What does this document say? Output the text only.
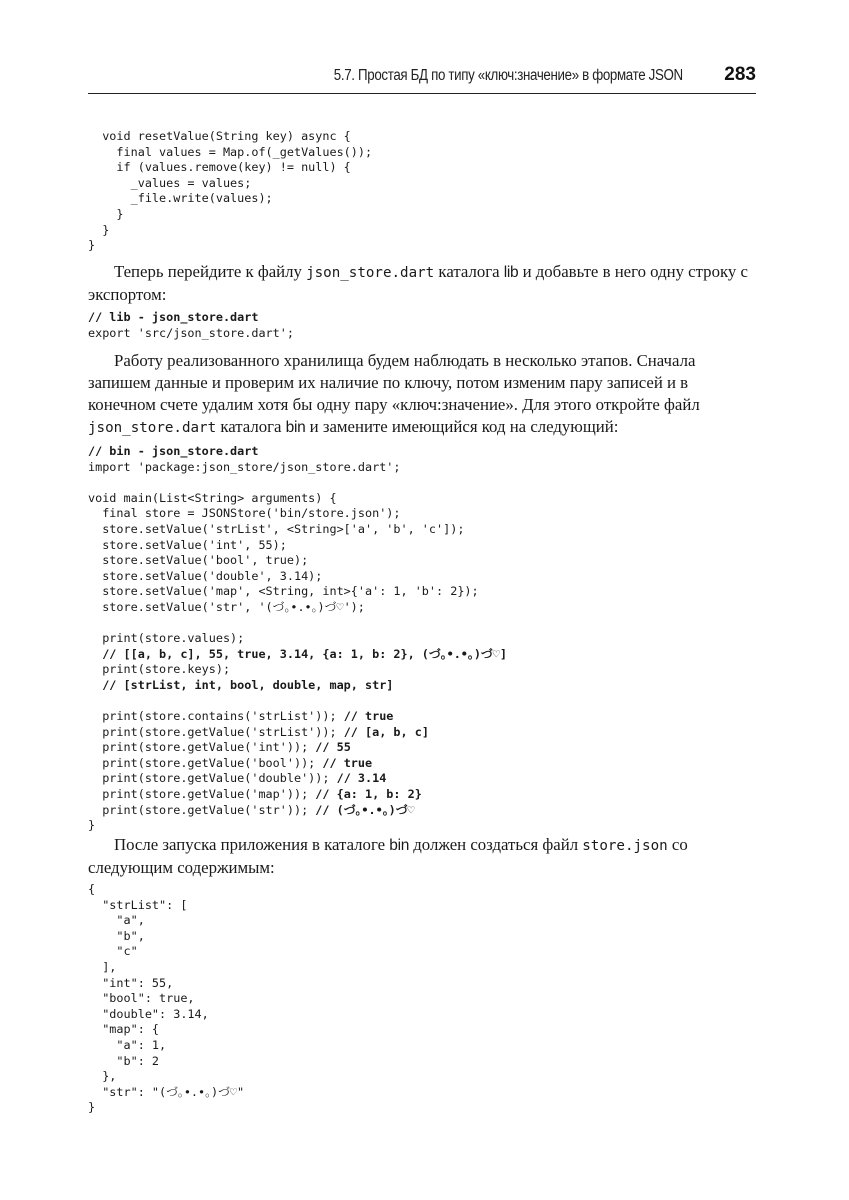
5.7. Простая БД по типу «ключ:значение» в формате JSON 283
void resetValue(String key) async {
final values = Map.of(_getValues());
if (values.remove(key) != null) {
_values = values;
_file.write(values);
}
}
}

Теперь перейдите к файлу json_store.dart каталога lib и добавьте в него одну строку с экспортом:

// lib - json_store.dart
export 'src/json_store.dart';

Работу реализованного хранилища будем наблюдать в несколько этапов. Сначала запишем данные и проверим их наличие по ключу, потом изменим пару записей и в конечном счете удалим хотя бы одну пару «ключ:значение». Для этого откройте файл json_store.dart каталога bin и замените имеющийся код на следующий:

// bin - json_store.dart
import 'package:json_store/json_store.dart';

void main(List<String> arguments) {
final store = JSONStore('bin/store.json');
store.setValue('strList', <String>['a', 'b', 'c']);
store.setValue('int', 55);
store.setValue('bool', true);
store.setValue('double', 3.14);
store.setValue('map', <String, int>{'a': 1, 'b': 2});
store.setValue('str', '(づ｡•.•｡)づ♡');

print(store.values);
// [[a, b, c], 55, true, 3.14, {a: 1, b: 2}, (づ｡•.•｡)づ♡]
print(store.keys);
// [strList, int, bool, double, map, str]

print(store.contains('strList')); // true
print(store.getValue('strList')); // [a, b, c]
print(store.getValue('int')); // 55
print(store.getValue('bool')); // true
print(store.getValue('double')); // 3.14
print(store.getValue('map')); // {a: 1, b: 2}
print(store.getValue('str')); // (づ｡•.•｡)づ♡
}

После запуска приложения в каталоге bin должен создаться файл store.json со следующим содержимым:

{
"strList": [
"a",
"b",
"c"
],
"int": 55,
"bool": true,
"double": 3.14,
"map": {
"a": 1,
"b": 2
},
"str": "(づ｡•.•｡)づ♡"
}
